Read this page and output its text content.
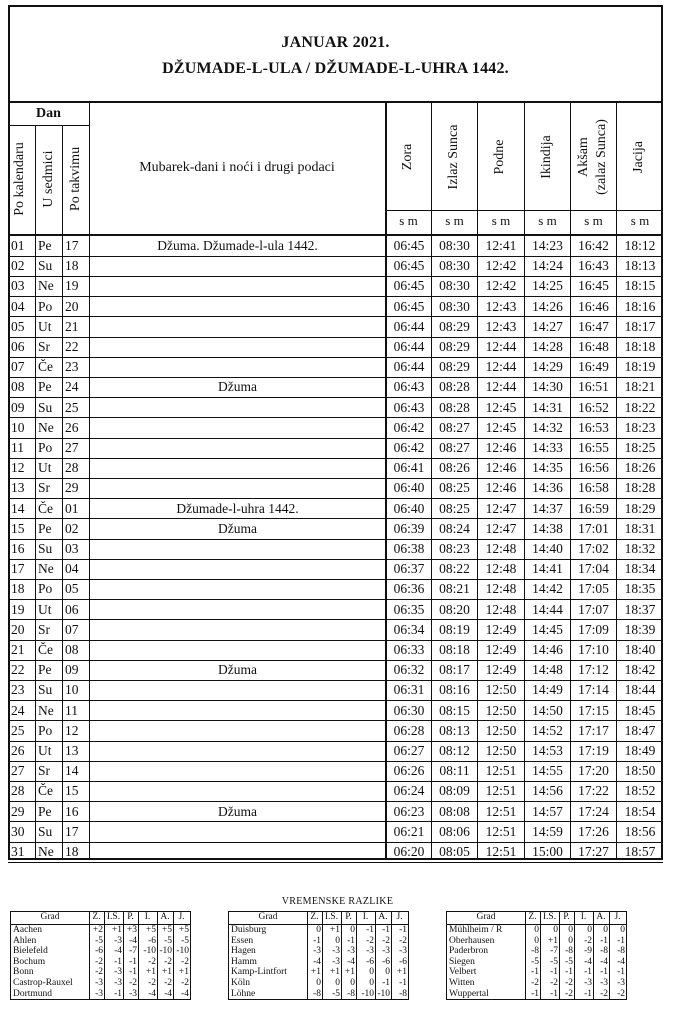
JANUAR 2021.
DŽUMADE-L-ULA / DŽUMADE-L-UHRA 1442.
Dan
Po kalendaru U sedmici Po takvimu	Mubarek-dani i noći i drugi podaci	Zora Izlaz Sunca Podne Ikindija Akšam (zalaz Sunca) Jacija
s m	s m	s m	s m	s m	s m
01	Pe	17	Džuma. Džumade-l-ula 1442.	06:45	08:30	12:41	14:23	16:42	18:12
02	Su 18	06:45	08:30	12:42	14:24	16:43	18:13
03	Ne 19	06:45	08:30	12:42	14:25	16:45	18:15
04	Po 20	06:45	08:30	12:43	14:26	16:46	18:16
05	Ut	21	06:44	08:29	12:43	14:27	16:47	18:17
06	Sr	22	06:44	08:29	12:44	14:28	16:48	18:18
07	Če 23	06:44	08:29	12:44	14:29	16:49	18:19
08	Pe	24	Džuma	06:43	08:28	12:44	14:30	16:51	18:21
09	Su 25	06:43	08:28	12:45	14:31	16:52	18:22
10	Ne 26	06:42	08:27	12:45	14:32	16:53	18:23
11	Po 27	06:42	08:27	12:46	14:33	16:55	18:25
12	Ut	28	06:41	08:26	12:46	14:35	16:56	18:26
13	Sr	29	06:40	08:25	12:46	14:36	16:58	18:28
14	Če 01	Džumade-l-uhra 1442.	06:40	08:25	12:47	14:37	16:59	18:29
15	Pe	02	Džuma	06:39	08:24	12:47	14:38	17:01	18:31
16	Su 03	06:38	08:23	12:48	14:40	17:02	18:32
17	Ne 04	06:37	08:22	12:48	14:41	17:04	18:34
18	Po 05	06:36	08:21	12:48	14:42	17:05	18:35
19	Ut	06	06:35	08:20	12:48	14:44	17:07	18:37
20	Sr	07	06:34	08:19	12:49	14:45	17:09	18:39
21	Če 08	06:33	08:18	12:49	14:46	17:10	18:40
22	Pe	09	Džuma	06:32	08:17	12:49	14:48	17:12	18:42
23	Su 10	06:31	08:16	12:50	14:49	17:14	18:44
24	Ne 11	06:30	08:15	12:50	14:50	17:15	18:45
25	Po 12	06:28	08:13	12:50	14:52	17:17	18:47
26	Ut	13	06:27	08:12	12:50	14:53	17:19	18:49
27	Sr	14	06:26	08:11	12:51	14:55	17:20	18:50
28	Če 15	06:24	08:09	12:51	14:56	17:22	18:52
29	Pe	16	Džuma	06:23	08:08	12:51	14:57	17:24	18:54
30	Su 17	06:21	08:06	12:51	14:59	17:26	18:56
31	Ne 18	06:20	08:05	12:51	15:00	17:27	18:57
VREMENSKE RAZLIKE
Grad	Z. I.S. P.	I.	A. J.
Aachen	+2 +1 +3 +5 +5 +5
Ahlen	-5	-3 -4	-6 -5 -5
Bielefeld	-6	-4 -7 -10 -10 -10
Bochum	-2	-1 -1	-2 -2 -2
Bonn	-2	-3 -1 +1 +1 +1
Castrop-Rauxel	-3	-3 -2	-2 -2 -2
Dortmund	-3	-1 -3	-4 -4 -4
Grad	Z. I.S. P.	I.	A. J.
Duisburg	0 +1	0	-1 -1 -1
Essen	-1	0 -1	-2 -2 -2
Hagen	-3	-3 -3	-3 -3 -3
Hamm	-4	-3 -4	-6 -6 -6
Kamp-Lintfort	+1 +1 +1	0	0 +1
Köln	0	0	0	0 -1 -1
Löhne	-8	-5 -8 -10 -10 -8
Grad	Z. I.S. P.	I.	A. J.
Mühlheim / R	0	0	0	0	0	0
Oberhausen	0 +1	0	-2 -1 -1
Paderbron	-8	-7 -8	-9 -8 -8
Siegen	-5	-5 -5	-4 -4 -4
Velbert	-1	-1 -1	-1 -1 -1
Witten	-2	-2 -2	-3 -3 -3
Wuppertal	-1	-1 -2	-1 -2 -2
